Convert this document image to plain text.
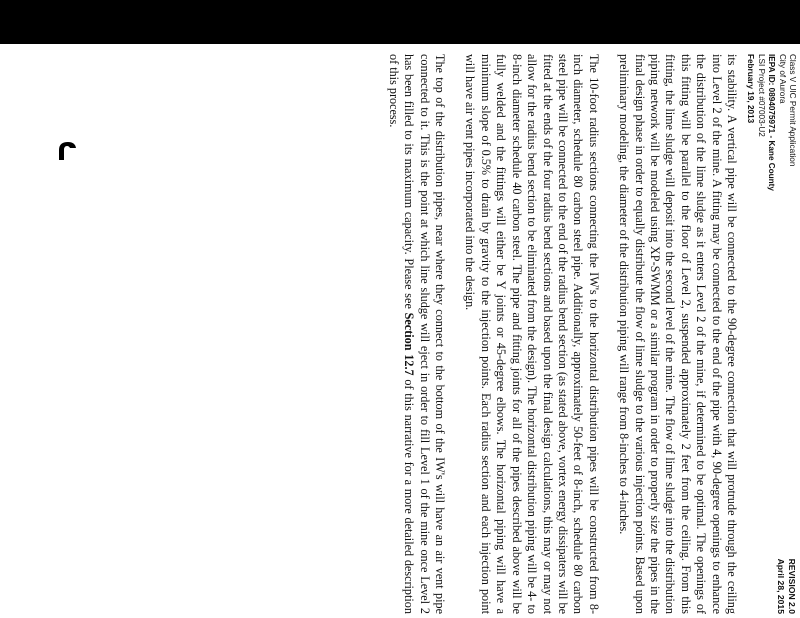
Class V UIC Permit Application
City of Aurora
IEPA ID: 0894075971 - Kane County
LSI Project #07003-U2
February 19, 2013
REVISION 2.0
April 28, 2015

its stability. A vertical pipe will be connected to the 90-degree connection that will protrude through the ceiling into Level 2 of the mine. A fitting may be connected to the end of the pipe with 4, 90-degree openings to enhance the distribution of the lime sludge as it enters Level 2 of the mine, if determined to be optimal. The openings of this fitting will be parallel to the floor of Level 2, suspended approximately 2 feet from the ceiling. From this fitting, the lime sludge will deposit into the second level of the mine. The flow of lime sludge into the distribution piping network will be modeled using XP-SWMM or a similar program in order to properly size the pipes in the final design phase in order to equally distribute the flow of lime sludge to the various injection points. Based upon preliminary modeling, the diameter of the distribution piping will range from 8-inches to 4-inches.

The 10-foot radius sections connecting the IW's to the horizontal distribution pipes will be constructed from 8-inch diameter, schedule 80 carbon steel pipe. Additionally, approximately 50-feet of 8-inch, schedule 80 carbon steel pipe will be connected to the end of the radius bend section (as stated above, vortex energy dissipaters will be fitted at the ends of the four radius bend sections and based upon the final design calculations, this may or may not allow for the radius bend section to be eliminated from the design). The horizontal distribution piping will be 4- to 8-inch diameter schedule 40 carbon steel. The pipe and fitting joints for all of the pipes described above will be fully welded and the fittings will either be Y joints or 45-degree elbows. The horizontal piping will have a minimum slope of 0.5% to drain by gravity to the injection points. Each radius section and each injection point will have air vent pipes incorporated into the design.

The top of the distribution pipes, near where they connect to the bottom of the IW's will have an air vent pipe connected to it. This is the point at which line sludge will eject in order to fill Level 1 of the mine once Level 2 has been filled to its maximum capacity. Please see Section 12.7 of this narrative for a more detailed description of this process.
